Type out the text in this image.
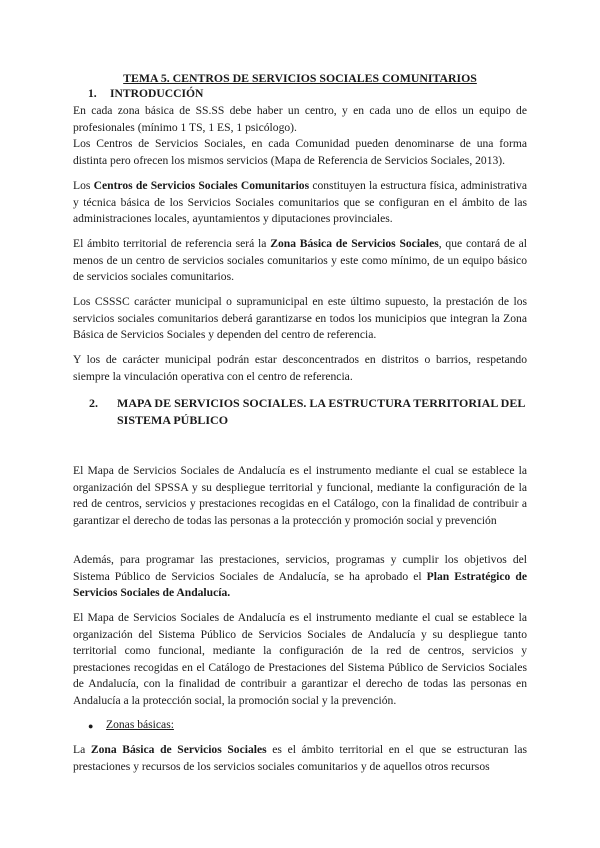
TEMA 5. CENTROS DE SERVICIOS SOCIALES COMUNITARIOS

1. INTRODUCCIÓN

En cada zona básica de SS.SS debe haber un centro, y en cada uno de ellos un equipo de profesionales (mínimo 1 TS, 1 ES, 1 psicólogo).

Los Centros de Servicios Sociales, en cada Comunidad pueden denominarse de una forma distinta pero ofrecen los mismos servicios (Mapa de Referencia de Servicios Sociales, 2013).

Los Centros de Servicios Sociales Comunitarios constituyen la estructura física, administrativa y técnica básica de los Servicios Sociales comunitarios que se configuran en el ámbito de las administraciones locales, ayuntamientos y diputaciones provinciales.

El ámbito territorial de referencia será la Zona Básica de Servicios Sociales, que contará de al menos de un centro de servicios sociales comunitarios y este como mínimo, de un equipo básico de servicios sociales comunitarios.

Los CSSSC carácter municipal o supramunicipal en este último supuesto, la prestación de los servicios sociales comunitarios deberá garantizarse en todos los municipios que integran la Zona Básica de Servicios Sociales y dependen del centro de referencia.

Y los de carácter municipal podrán estar desconcentrados en distritos o barrios, respetando siempre la vinculación operativa con el centro de referencia.

2. MAPA DE SERVICIOS SOCIALES. LA ESTRUCTURA TERRITORIAL DEL SISTEMA PÚBLICO

El Mapa de Servicios Sociales de Andalucía es el instrumento mediante el cual se establece la organización del SPSSA y su despliegue territorial y funcional, mediante la configuración de la red de centros, servicios y prestaciones recogidas en el Catálogo, con la finalidad de contribuir a garantizar el derecho de todas las personas a la protección y promoción social y prevención

Además, para programar las prestaciones, servicios, programas y cumplir los objetivos del Sistema Público de Servicios Sociales de Andalucía, se ha aprobado el Plan Estratégico de Servicios Sociales de Andalucía.

El Mapa de Servicios Sociales de Andalucía es el instrumento mediante el cual se establece la organización del Sistema Público de Servicios Sociales de Andalucía y su despliegue tanto territorial como funcional, mediante la configuración de la red de centros, servicios y prestaciones recogidas en el Catálogo de Prestaciones del Sistema Público de Servicios Sociales de Andalucía, con la finalidad de contribuir a garantizar el derecho de todas las personas en Andalucía a la protección social, la promoción social y la prevención.

● Zonas básicas:

La Zona Básica de Servicios Sociales es el ámbito territorial en el que se estructuran las prestaciones y recursos de los servicios sociales comunitarios y de aquellos otros recursos
